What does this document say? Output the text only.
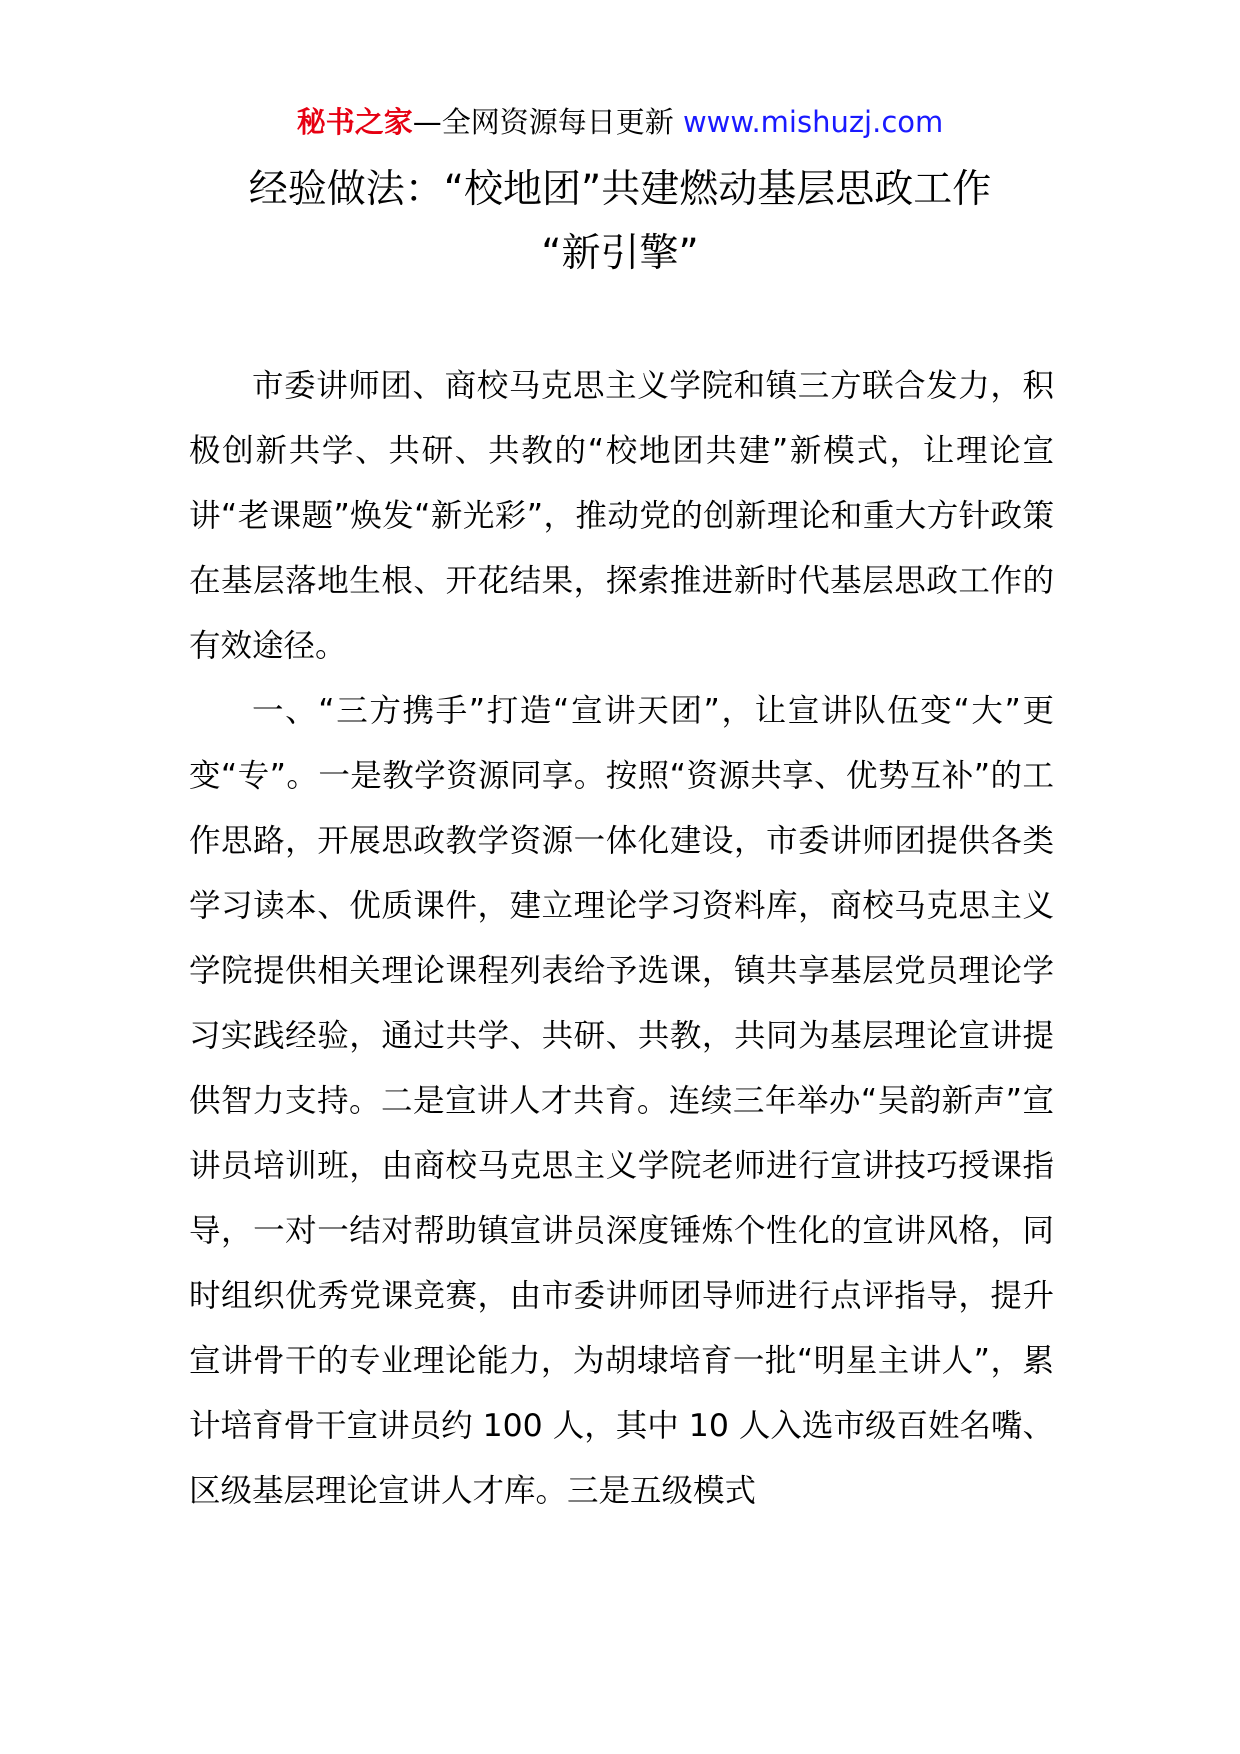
秘书之家—全网资源每日更新 www.mishuzj.com
经验做法：“校地团”共建燃动基层思政工作
“新引擎”

市委讲师团、商校马克思主义学院和镇三方联合发力，积极创新共学、共研、共教的“校地团共建”新模式，让理论宣讲“老课题”焕发“新光彩”，推动党的创新理论和重大方针政策在基层落地生根、开花结果，探索推进新时代基层思政工作的有效途径。

一、“三方携手”打造“宣讲天团”，让宣讲队伍变“大”更变“专”。一是教学资源同享。按照“资源共享、优势互补”的工作思路，开展思政教学资源一体化建设，市委讲师团提供各类学习读本、优质课件，建立理论学习资料库，商校马克思主义学院提供相关理论课程列表给予选课，镇共享基层党员理论学习实践经验，通过共学、共研、共教，共同为基层理论宣讲提供智力支持。二是宣讲人才共育。连续三年举办“吴韵新声”宣讲员培训班，由商校马克思主义学院老师进行宣讲技巧授课指导，一对一结对帮助镇宣讲员深度锤炼个性化的宣讲风格，同时组织优秀党课竞赛，由市委讲师团导师进行点评指导，提升宣讲骨干的专业理论能力，为胡埭培育一批“明星主讲人”，累计培育骨干宣讲员约 100 人，其中 10 人入选市级百姓名嘴、区级基层理论宣讲人才库。三是五级模式
